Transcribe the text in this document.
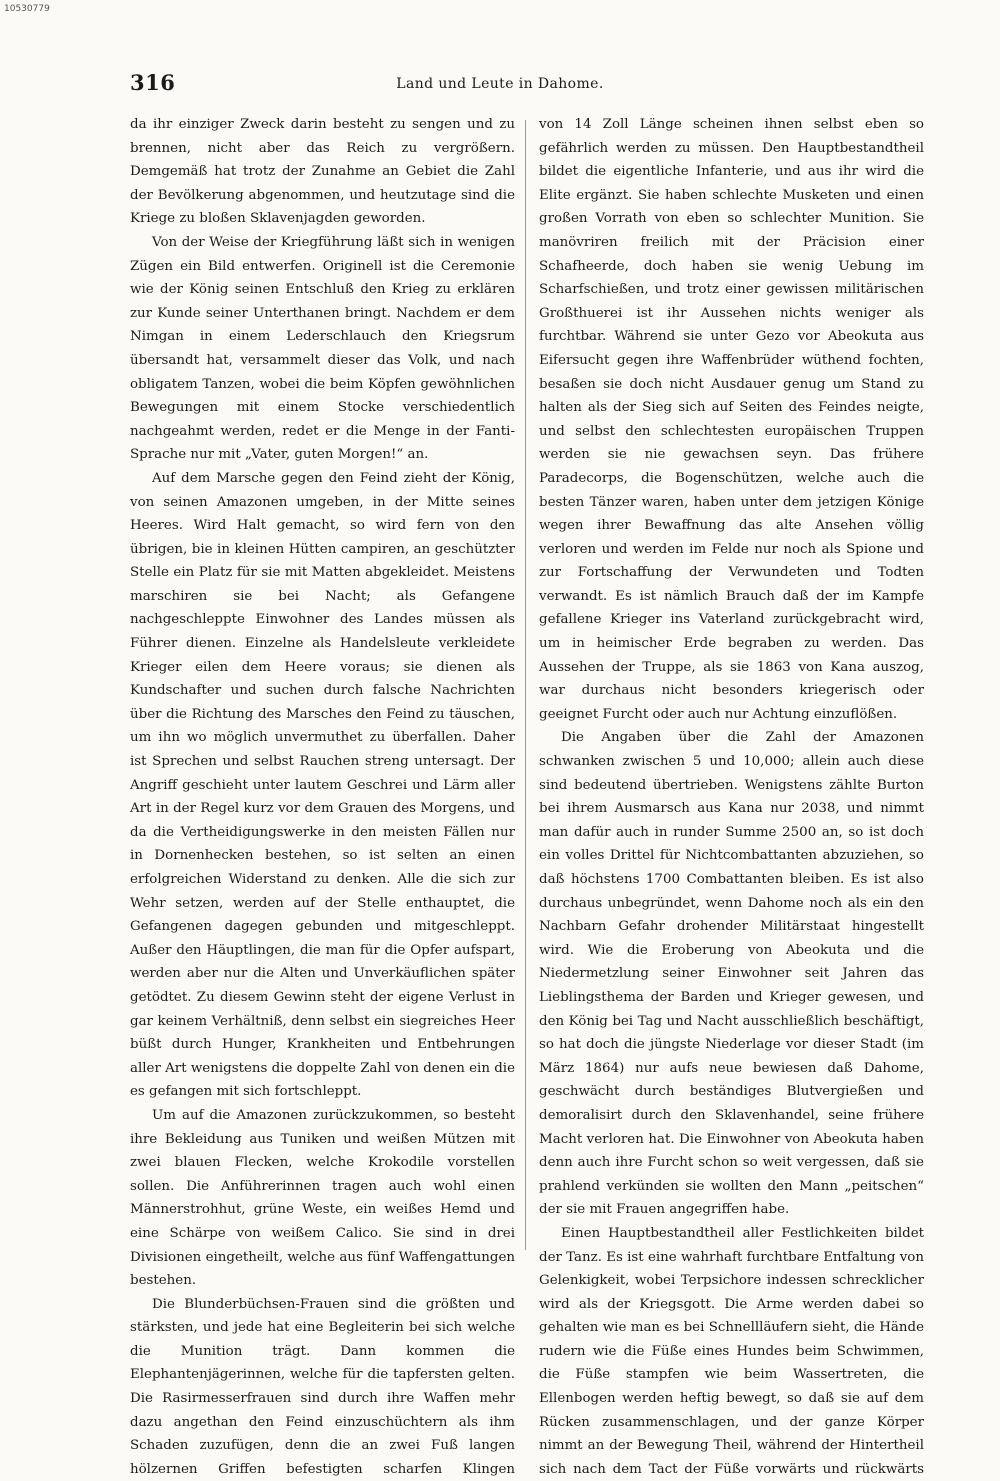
10530779
316	Land und Leute in Dahome.

da ihr einziger Zweck darin besteht zu sengen und zu brennen, nicht aber das Reich zu vergrößern. Demgemäß hat trotz der Zunahme an Gebiet die Zahl der Bevölkerung abgenommen, und heutzutage sind die Kriege zu bloßen Sklavenjagden geworden.

Von der Weise der Kriegführung läßt sich in wenigen Zügen ein Bild entwerfen. Originell ist die Ceremonie wie der König seinen Entschluß den Krieg zu erklären zur Kunde seiner Unterthanen bringt. Nachdem er dem Nimgan in einem Lederschlauch den Kriegsrum übersandt hat, versammelt dieser das Volk, und nach obligatem Tanzen, wobei die beim Köpfen gewöhnlichen Bewegungen mit einem Stocke verschiedentlich nachgeahmt werden, redet er die Menge in der Fanti-Sprache nur mit „Vater, guten Morgen!“ an.

Auf dem Marsche gegen den Feind zieht der König, von seinen Amazonen umgeben, in der Mitte seines Heeres. Wird Halt gemacht, so wird fern von den übrigen, bie in kleinen Hütten campiren, an geschützter Stelle ein Platz für sie mit Matten abgekleidet. Meistens marschiren sie bei Nacht; als Gefangene nachgeschleppte Einwohner des Landes müssen als Führer dienen. Einzelne als Handelsleute verkleidete Krieger eilen dem Heere voraus; sie dienen als Kundschafter und suchen durch falsche Nachrichten über die Richtung des Marsches den Feind zu täuschen, um ihn wo möglich unvermuthet zu überfallen. Daher ist Sprechen und selbst Rauchen streng untersagt. Der Angriff geschieht unter lautem Geschrei und Lärm aller Art in der Regel kurz vor dem Grauen des Morgens, und da die Vertheidigungswerke in den meisten Fällen nur in Dornenhecken bestehen, so ist selten an einen erfolgreichen Widerstand zu denken. Alle die sich zur Wehr setzen, werden auf der Stelle enthauptet, die Gefangenen dagegen gebunden und mitgeschleppt. Außer den Häuptlingen, die man für die Opfer aufspart, werden aber nur die Alten und Unverkäuflichen später getödtet. Zu diesem Gewinn steht der eigene Verlust in gar keinem Verhältniß, denn selbst ein siegreiches Heer büßt durch Hunger, Krankheiten und Entbehrungen aller Art wenigstens die doppelte Zahl von denen ein die es gefangen mit sich fortschleppt.

Um auf die Amazonen zurückzukommen, so besteht ihre Bekleidung aus Tuniken und weißen Mützen mit zwei blauen Flecken, welche Krokodile vorstellen sollen. Die Anführerinnen tragen auch wohl einen Männerstrohhut, grüne Weste, ein weißes Hemd und eine Schärpe von weißem Calico. Sie sind in drei Divisionen eingetheilt, welche aus fünf Waffengattungen bestehen.

Die Blunderbüchsen-Frauen sind die größten und stärksten, und jede hat eine Begleiterin bei sich welche die Munition trägt. Dann kommen die Elephantenjägerinnen, welche für die tapfersten gelten. Die Rasirmesserfrauen sind durch ihre Waffen mehr dazu angethan den Feind einzuschüchtern als ihm Schaden zuzufügen, denn die an zwei Fuß langen hölzernen Griffen befestigten scharfen Klingen

von 14 Zoll Länge scheinen ihnen selbst eben so gefährlich werden zu müssen. Den Hauptbestandtheil bildet die eigentliche Infanterie, und aus ihr wird die Elite ergänzt. Sie haben schlechte Musketen und einen großen Vorrath von eben so schlechter Munition. Sie manövriren freilich mit der Präcision einer Schafheerde, doch haben sie wenig Uebung im Scharfschießen, und trotz einer gewissen militärischen Großthuerei ist ihr Aussehen nichts weniger als furchtbar. Während sie unter Gezo vor Abeokuta aus Eifersucht gegen ihre Waffenbrüder wüthend fochten, besaßen sie doch nicht Ausdauer genug um Stand zu halten als der Sieg sich auf Seiten des Feindes neigte, und selbst den schlechtesten europäischen Truppen werden sie nie gewachsen seyn. Das frühere Paradecorps, die Bogenschützen, welche auch die besten Tänzer waren, haben unter dem jetzigen Könige wegen ihrer Bewaffnung das alte Ansehen völlig verloren und werden im Felde nur noch als Spione und zur Fortschaffung der Verwundeten und Todten verwandt. Es ist nämlich Brauch daß der im Kampfe gefallene Krieger ins Vaterland zurückgebracht wird, um in heimischer Erde begraben zu werden. Das Aussehen der Truppe, als sie 1863 von Kana auszog, war durchaus nicht besonders kriegerisch oder geeignet Furcht oder auch nur Achtung einzuflößen.

Die Angaben über die Zahl der Amazonen schwanken zwischen 5 und 10,000; allein auch diese sind bedeutend übertrieben. Wenigstens zählte Burton bei ihrem Ausmarsch aus Kana nur 2038, und nimmt man dafür auch in runder Summe 2500 an, so ist doch ein volles Drittel für Nichtcombattanten abzuziehen, so daß höchstens 1700 Combattanten bleiben. Es ist also durchaus unbegründet, wenn Dahome noch als ein den Nachbarn Gefahr drohender Militärstaat hingestellt wird. Wie die Eroberung von Abeokuta und die Niedermetzlung seiner Einwohner seit Jahren das Lieblingsthema der Barden und Krieger gewesen, und den König bei Tag und Nacht ausschließlich beschäftigt, so hat doch die jüngste Niederlage vor dieser Stadt (im März 1864) nur aufs neue bewiesen daß Dahome, geschwächt durch beständiges Blutvergießen und demoralisirt durch den Sklavenhandel, seine frühere Macht verloren hat. Die Einwohner von Abeokuta haben denn auch ihre Furcht schon so weit vergessen, daß sie prahlend verkünden sie wollten den Mann „peitschen“ der sie mit Frauen angegriffen habe.

Einen Hauptbestandtheil aller Festlichkeiten bildet der Tanz. Es ist eine wahrhaft furchtbare Entfaltung von Gelenkigkeit, wobei Terpsichore indessen schrecklicher wird als der Kriegsgott. Die Arme werden dabei so gehalten wie man es bei Schnellläufern sieht, die Hände rudern wie die Füße eines Hundes beim Schwimmen, die Füße stampfen wie beim Wassertreten, die Ellenbogen werden heftig bewegt, so daß sie auf dem Rücken zusammenschlagen, und der ganze Körper nimmt an der Bewegung Theil, während der Hintertheil sich nach dem Tact der Füße vorwärts und rückwärts
